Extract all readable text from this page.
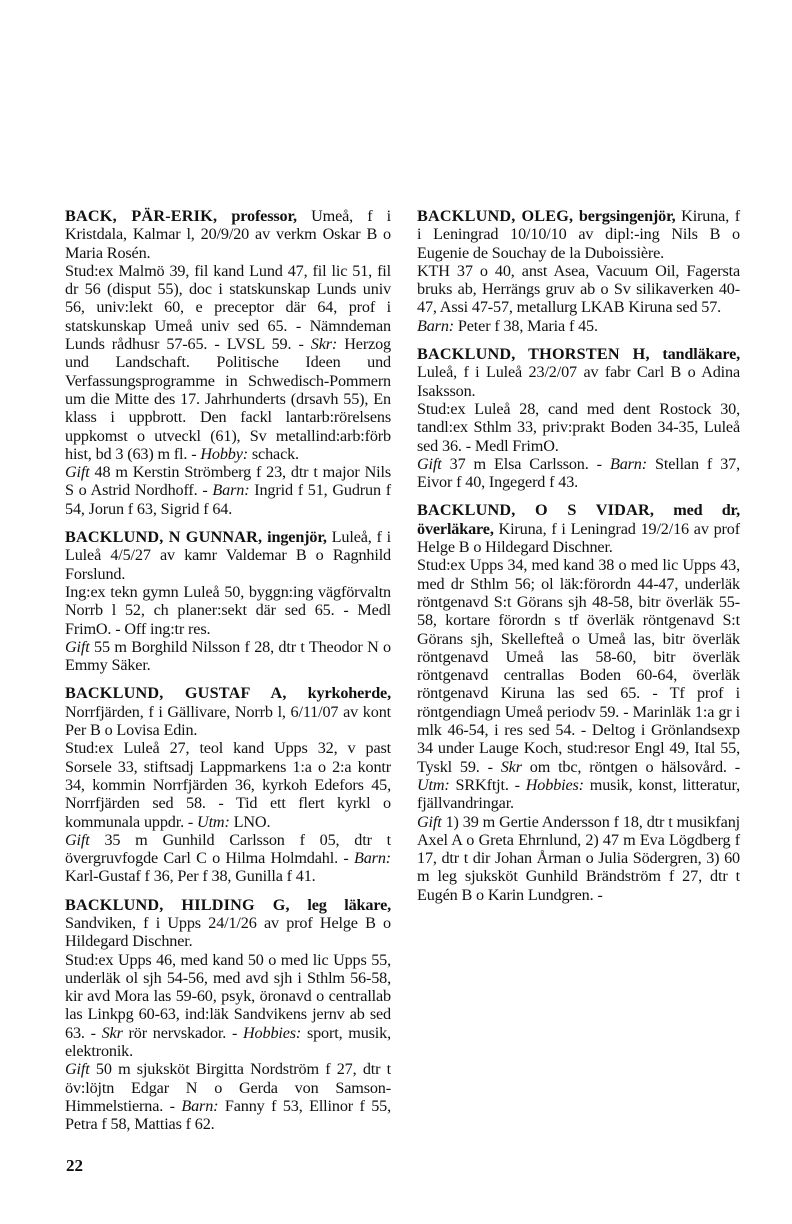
BACK, PÄR-ERIK, professor, Umeå, f i Kristdala, Kalmar l, 20/9/20 av verkm Oskar B o Maria Rosén.

Stud:ex Malmö 39, fil kand Lund 47, fil lic 51, fil dr 56 (disput 55), doc i statskunskap Lunds univ 56, univ:lekt 60, e preceptor där 64, prof i statskunskap Umeå univ sed 65. - Nämndeman Lunds rådhusr 57-65. - LVSL 59. - Skr: Herzog und Landschaft. Politische Ideen und Verfassungsprogramme in Schwedisch-Pommern um die Mitte des 17. Jahrhunderts (drsavh 55), En klass i uppbrott. Den fackl lantarb:rörelsens uppkomst o utveckl (61), Sv metallind:arb:förb hist, bd 3 (63) m fl. - Hobby: schack.

Gift 48 m Kerstin Strömberg f 23, dtr t major Nils S o Astrid Nordhoff. - Barn: Ingrid f 51, Gudrun f 54, Jorun f 63, Sigrid f 64.

BACKLUND, N GUNNAR, ingenjör, Luleå, f i Luleå 4/5/27 av kamr Valdemar B o Ragnhild Forslund.

Ing:ex tekn gymn Luleå 50, byggn:ing vägförvaltn Norrb l 52, ch planer:sekt där sed 65. - Medl FrimO. - Off ing:tr res.

Gift 55 m Borghild Nilsson f 28, dtr t Theodor N o Emmy Säker.

BACKLUND, GUSTAF A, kyrkoherde, Norrfjärden, f i Gällivare, Norrb l, 6/11/07 av kont Per B o Lovisa Edin.

Stud:ex Luleå 27, teol kand Upps 32, v past Sorsele 33, stiftsadj Lappmarkens 1:a o 2:a kontr 34, kommin Norrfjärden 36, kyrkoh Edefors 45, Norrfjärden sed 58. - Tid ett flert kyrkl o kommunala uppdr. - Utm: LNO.

Gift 35 m Gunhild Carlsson f 05, dtr t övergruvfogde Carl C o Hilma Holmdahl. - Barn: Karl-Gustaf f 36, Per f 38, Gunilla f 41.

BACKLUND, HILDING G, leg läkare, Sandviken, f i Upps 24/1/26 av prof Helge B o Hildegard Dischner.

Stud:ex Upps 46, med kand 50 o med lic Upps 55, underläk ol sjh 54-56, med avd sjh i Sthlm 56-58, kir avd Mora las 59-60, psyk, öronavd o centrallab las Linkpg 60-63, ind:läk Sandvikens jernv ab sed 63. - Skr rör nervskador. - Hobbies: sport, musik, elektronik.

Gift 50 m sjuksköt Birgitta Nordström f 27, dtr t öv:löjtn Edgar N o Gerda von Samson-Himmelstierna. - Barn: Fanny f 53, Ellinor f 55, Petra f 58, Mattias f 62.

BACKLUND, OLEG, bergsingenjör, Kiruna, f i Leningrad 10/10/10 av dipl:-ing Nils B o Eugenie de Souchay de la Duboissière.

KTH 37 o 40, anst Asea, Vacuum Oil, Fagersta bruks ab, Herrängs gruv ab o Sv silikaverken 40-47, Assi 47-57, metallurg LKAB Kiruna sed 57.

Barn: Peter f 38, Maria f 45.

BACKLUND, THORSTEN H, tandläkare, Luleå, f i Luleå 23/2/07 av fabr Carl B o Adina Isaksson.

Stud:ex Luleå 28, cand med dent Rostock 30, tandl:ex Sthlm 33, priv:prakt Boden 34-35, Luleå sed 36. - Medl FrimO.

Gift 37 m Elsa Carlsson. - Barn: Stellan f 37, Eivor f 40, Ingegerd f 43.

BACKLUND, O S VIDAR, med dr, överläkare, Kiruna, f i Leningrad 19/2/16 av prof Helge B o Hildegard Dischner.

Stud:ex Upps 34, med kand 38 o med lic Upps 43, med dr Sthlm 56; ol läk:förordn 44-47, underläk röntgenavd S:t Görans sjh 48-58, bitr överläk 55-58, kortare förordn s tf överläk röntgenavd S:t Görans sjh, Skellefteå o Umeå las, bitr överläk röntgenavd Umeå las 58-60, bitr överläk röntgenavd centrallas Boden 60-64, överläk röntgenavd Kiruna las sed 65. - Tf prof i röntgendiagn Umeå periodv 59. - Marinläk 1:a gr i mlk 46-54, i res sed 54. - Deltog i Grönlandsexp 34 under Lauge Koch, stud:resor Engl 49, Ital 55, Tyskl 59. - Skr om tbc, röntgen o hälsovård. - Utm: SRKftjt. - Hobbies: musik, konst, litteratur, fjällvandringar.

Gift 1) 39 m Gertie Andersson f 18, dtr t musikfanj Axel A o Greta Ehrnlund, 2) 47 m Eva Lögdberg f 17, dtr t dir Johan Årman o Julia Södergren, 3) 60 m leg sjuksköt Gunhild Brändström f 27, dtr t Eugén B o Karin Lundgren. -

22
